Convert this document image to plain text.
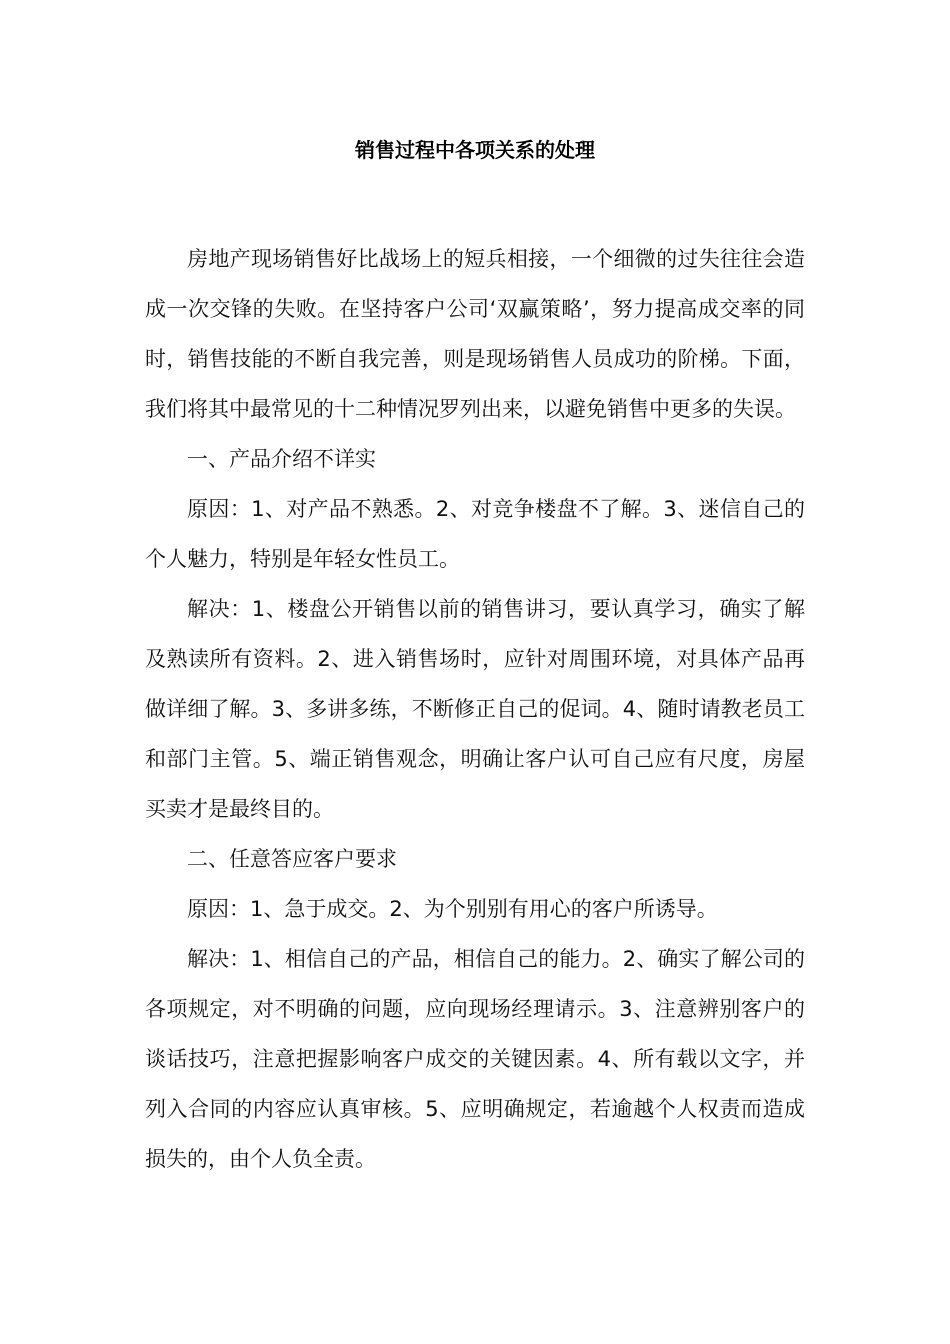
销售过程中各项关系的处理

房地产现场销售好比战场上的短兵相接，一个细微的过失往往会造成一次交锋的失败。在坚持客户公司‘双赢策略’，努力提高成交率的同时，销售技能的不断自我完善，则是现场销售人员成功的阶梯。下面，我们将其中最常见的十二种情况罗列出来，以避免销售中更多的失误。

一、产品介绍不详实

原因：1、对产品不熟悉。2、对竞争楼盘不了解。3、迷信自己的个人魅力，特别是年轻女性员工。

解决：1、楼盘公开销售以前的销售讲习，要认真学习，确实了解及熟读所有资料。2、进入销售场时，应针对周围环境，对具体产品再做详细了解。3、多讲多练，不断修正自己的促词。4、随时请教老员工和部门主管。5、端正销售观念，明确让客户认可自己应有尺度，房屋买卖才是最终目的。

二、任意答应客户要求

原因：1、急于成交。2、为个别别有用心的客户所诱导。

解决：1、相信自己的产品，相信自己的能力。2、确实了解公司的各项规定，对不明确的问题，应向现场经理请示。3、注意辨别客户的谈话技巧，注意把握影响客户成交的关键因素。4、所有载以文字，并列入合同的内容应认真审核。5、应明确规定，若逾越个人权责而造成损失的，由个人负全责。
